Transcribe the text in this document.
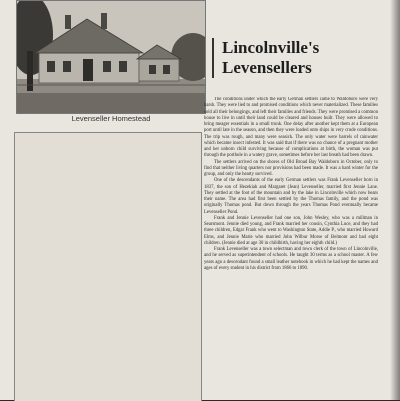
Levenseller Homestead
Lincolnville's
Levensellers

The conditions under which the early German settlers came to Waldoboro were very harsh. They were lied to and promised conditions which never materialized. These families sold all their belongings, and left their families and friends. They were promised a common house to live in until their land could be cleared and houses built. They were allowed to bring meager essentials in a small trunk. One delay after another kept them at a European port until late in the season, and then they were loaded onto ships in very crude conditions. The trip was rough, and many were seasick. The only water were barrels of rainwater which became insect infested. It was said that if there was no chance of a pregnant mother and her unborn child surviving because of complications at birth, the woman was put through the porthole in a watery grave, sometimes before her last breath had been drawn.

The settlers arrived on the shores of Old Broad Bay Waldoboro in October, only to find that neither living quarters nor provisions had been made. It was a hard winter for the group, and only the hearty survived.

One of the descendants of the early German settlers was Frank Levenseller born in 1837, the son of Hezekiah and Margaret (Jean) Levenseller, married first Jennie Lane. They settled at the foot of the mountain and by the lake in Lincolnville which now bears their name. The area had first been settled by the Thomas family, and the pond was originally Thomas pond. But down through the years Thomas Pond eventually became Levenseller Pond.

Frank and Jennie Levenseller had one son, John Wesley, who was a millman in Searsmont. Jennie died young, and Frank married her cousin, Cynthia Luce, and they had three children, Edgar Frank who went to Washington State, Addie P., who married Howard Elms, and Jennie Marie who married John Wilbur Morse of Belmont and had eight children. (Jennie died at age 30 in childbirth, having her eighth child.)

Frank Levenseller was a town selectman and town clerk of the town of Lincolnville, and he served as superintendent of schools. He taught 30 terms as a school master. A few years ago a descendant found a small leather notebook in which he had kept the names and ages of every student in his district from 1866 to 1890.
